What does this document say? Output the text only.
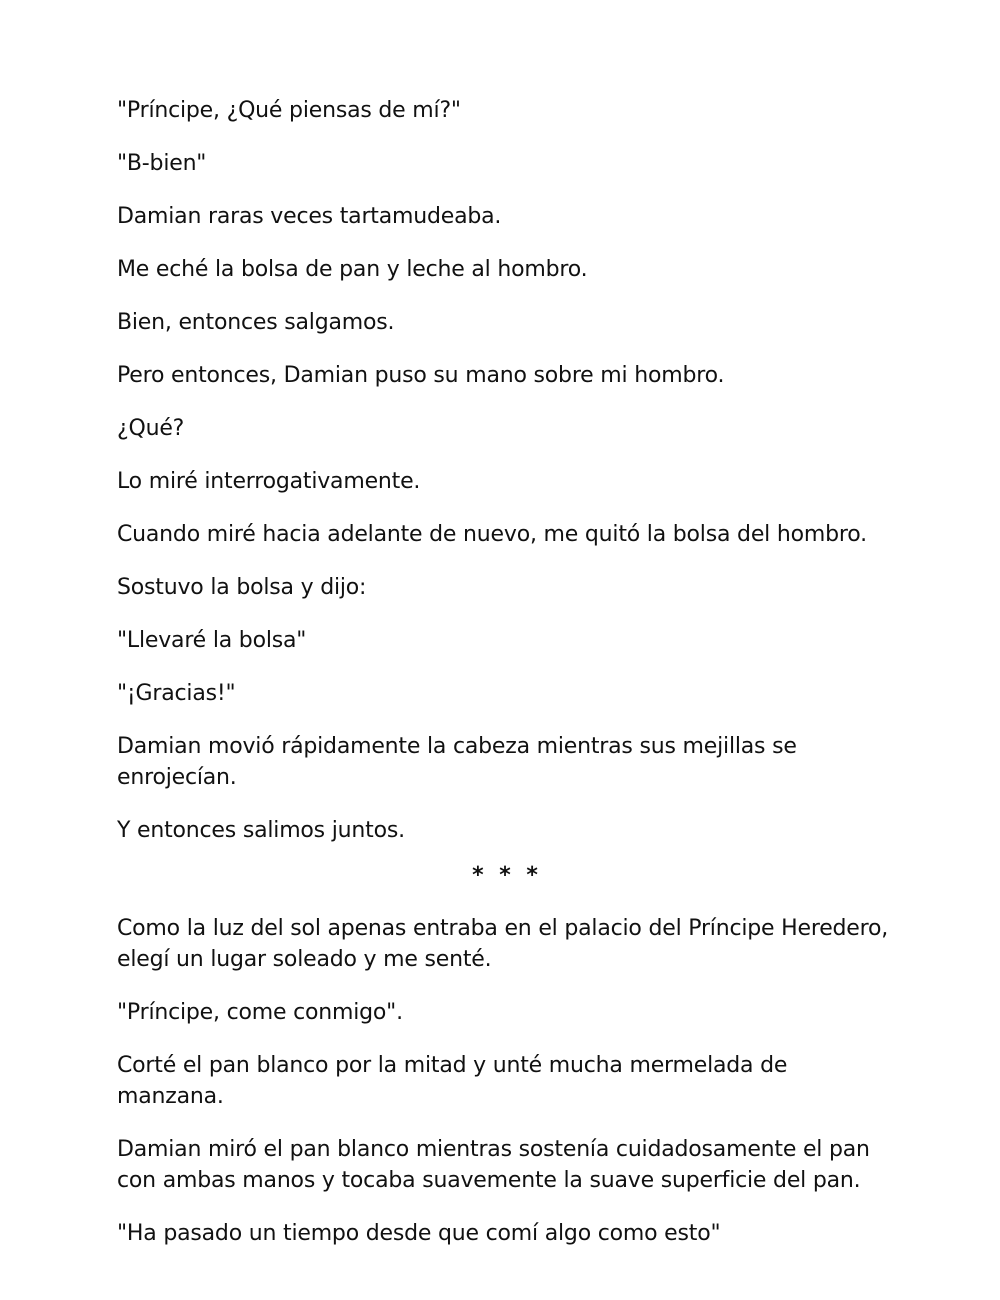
"Príncipe, ¿Qué piensas de mí?"

"B-bien"

Damian raras veces tartamudeaba.

Me eché la bolsa de pan y leche al hombro.

Bien, entonces salgamos.

Pero entonces, Damian puso su mano sobre mi hombro.

¿Qué?

Lo miré interrogativamente.

Cuando miré hacia adelante de nuevo, me quitó la bolsa del hombro.

Sostuvo la bolsa y dijo:

"Llevaré la bolsa"

"¡Gracias!"

Damian movió rápidamente la cabeza mientras sus mejillas se enrojecían.

Y entonces salimos juntos.

* * *

Como la luz del sol apenas entraba en el palacio del Príncipe Heredero, elegí un lugar soleado y me senté.

"Príncipe, come conmigo".

Corté el pan blanco por la mitad y unté mucha mermelada de manzana.

Damian miró el pan blanco mientras sostenía cuidadosamente el pan con ambas manos y tocaba suavemente la suave superficie del pan.

"Ha pasado un tiempo desde que comí algo como esto"
